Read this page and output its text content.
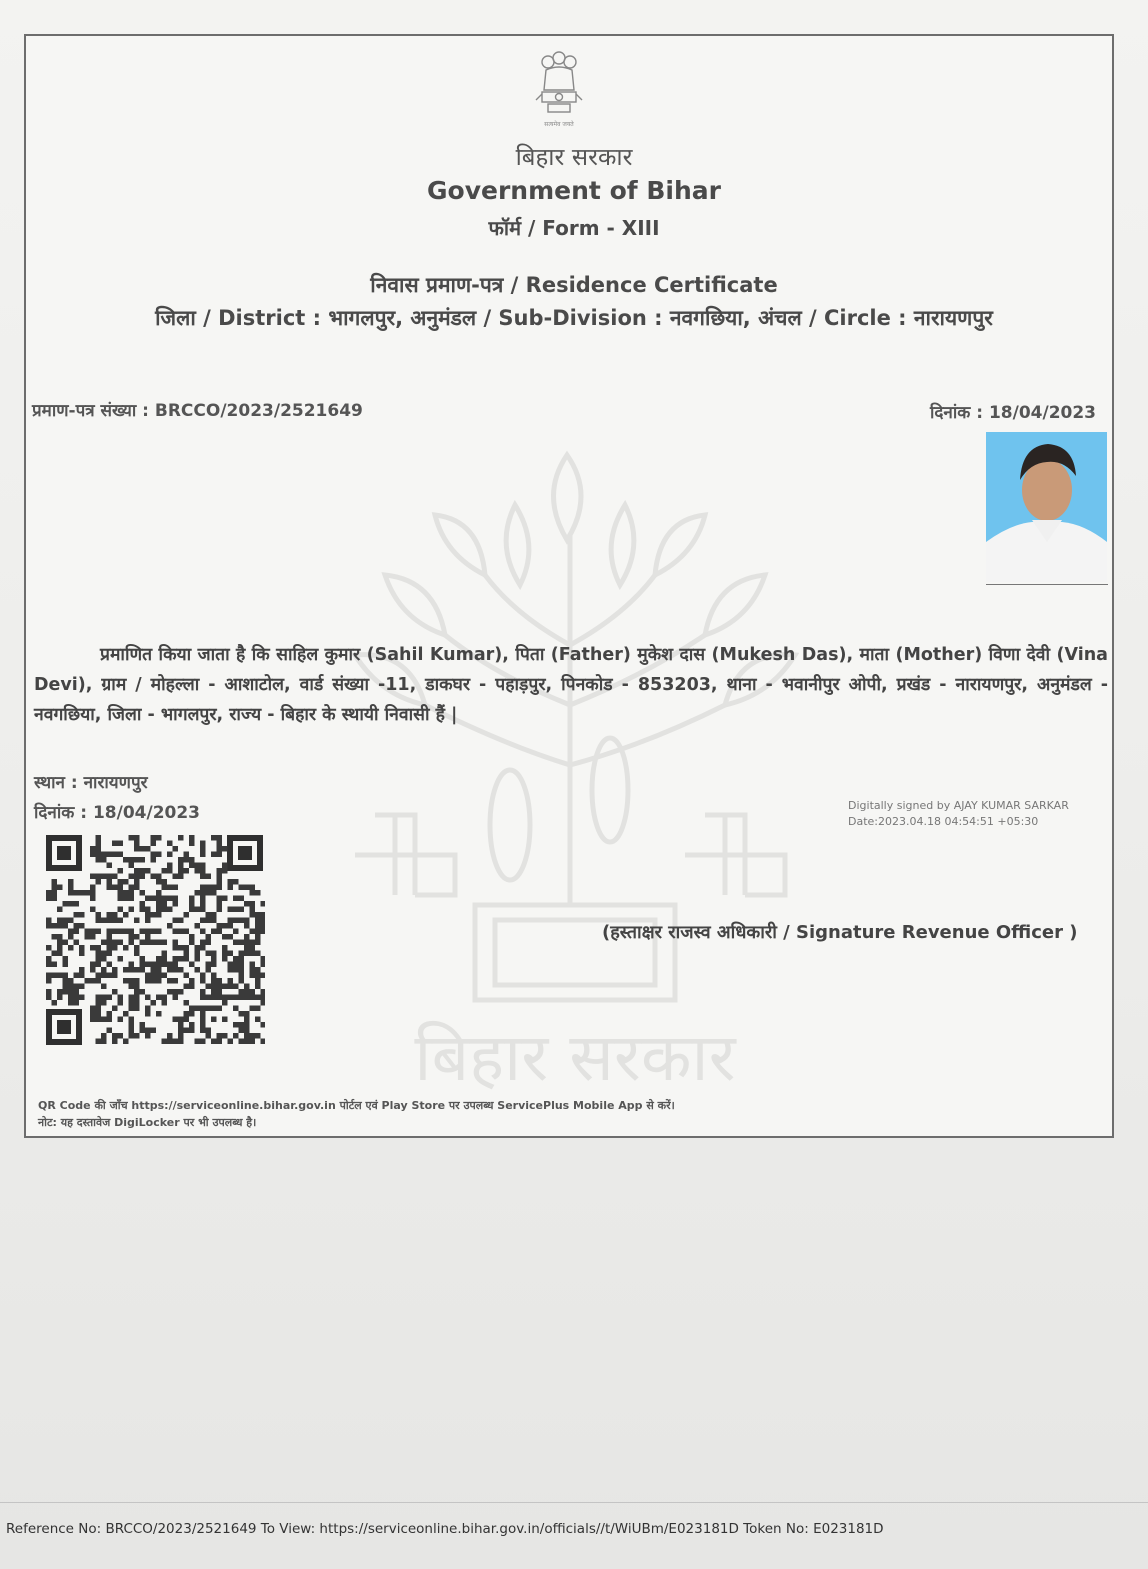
सत्यमेव जयते
बिहार सरकार
Government of Bihar
फॉर्म / Form - XIII
निवास प्रमाण-पत्र / Residence Certificate
जिला / District : भागलपुर, अनुमंडल / Sub-Division : नवगछिया, अंचल / Circle : नारायणपुर
प्रमाण-पत्र संख्या : BRCCO/2023/2521649	दिनांक : 18/04/2023
बिहार सरकार
प्रमाणित किया जाता है कि साहिल कुमार (Sahil Kumar), पिता (Father) मुकेश दास (Mukesh Das), माता (Mother) विणा देवी (Vina Devi), ग्राम / मोहल्ला - आशाटोल, वार्ड संख्या -11, डाकघर - पहाड़पुर, पिनकोड - 853203, थाना - भवानीपुर ओपी, प्रखंड - नारायणपुर, अनुमंडल - नवगछिया, जिला - भागलपुर, राज्य - बिहार के स्थायी निवासी हैं |
स्थान : नारायणपुर
दिनांक : 18/04/2023	Digitally signed by AJAY KUMAR SARKAR
Date:2023.04.18 04:54:51 +05:30
(हस्ताक्षर राजस्व अधिकारी / Signature Revenue Officer )
QR Code की जाँच https://serviceonline.bihar.gov.in पोर्टल एवं Play Store पर उपलब्ध ServicePlus Mobile App से करें।
नोट: यह दस्तावेज DigiLocker पर भी उपलब्ध है।
Reference No: BRCCO/2023/2521649 To View: https://serviceonline.bihar.gov.in/officials//t/WiUBm/E023181D Token No: E023181D
